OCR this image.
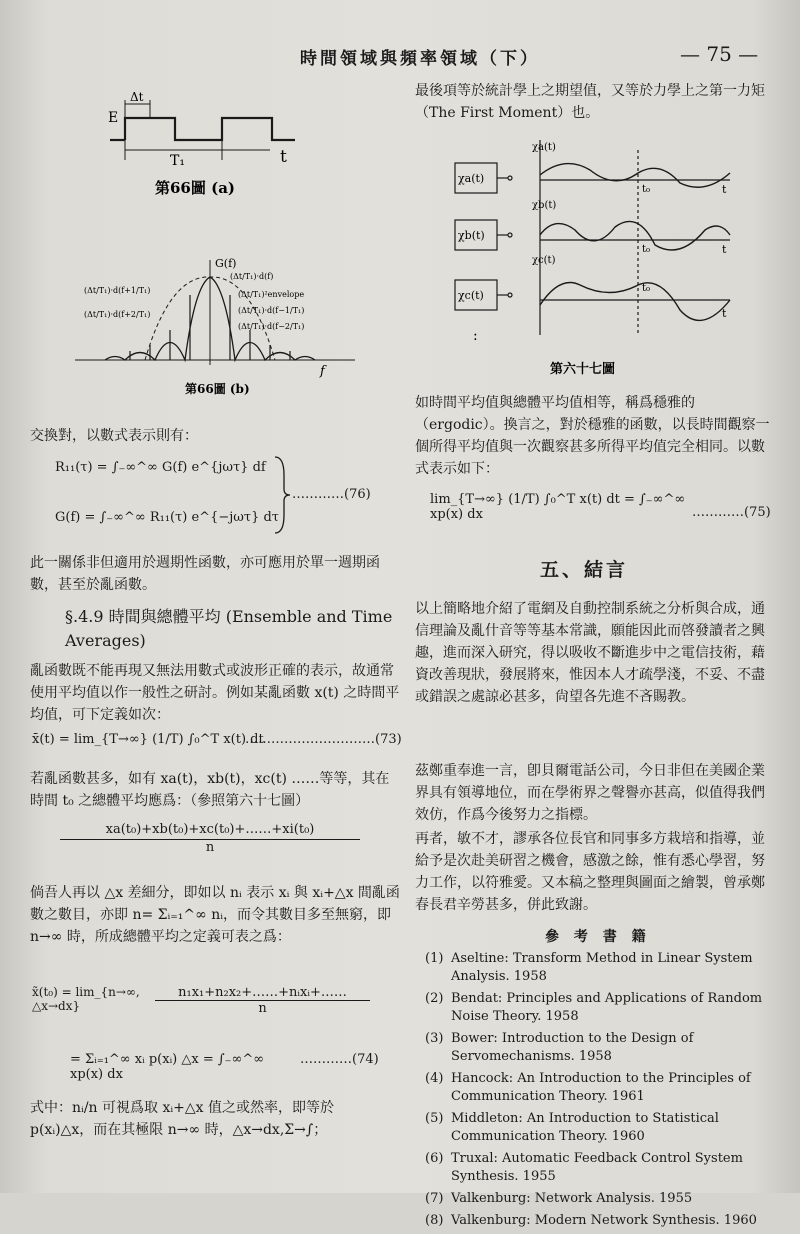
時間領域與頻率領域（下）	— 75 —
E
Δt
T₁	t
第66圖 (a)
G(f)
(Δt/T₁)·d(f+1/T₁)
(Δt/T₁)·d(f+2/T₁)
(Δt/T₁)·d(f)
(Δt/T₁)²envelope
(Δt/T₁)·d(f−1/T₁)
(Δt/T₁)·d(f−2/T₁)
f
第66圖 (b)
交換對，以數式表示則有：
R₁₁(τ) = ∫₋∞^∞ G(f) e^{jωτ} df
G(f) = ∫₋∞^∞ R₁₁(τ) e^{−jωτ} dτ
…………(76)
此一關係非但適用於週期性函數，亦可應用於單一週期函數，甚至於亂函數。
§.4.9 時間與總體平均 (Ensemble and Time Averages)
亂函數既不能再現又無法用數式或波形正確的表示，故通常使用平均值以作一般性之研討。例如某亂函數 x(t) 之時間平均值，可下定義如次：
x̄(t) = lim_{T→∞} (1/T) ∫₀^T x(t) dt
…………………………(73)
若亂函數甚多，如有 xa(t)，xb(t)，xc(t) ……等等，其在時間 t₀ 之總體平均應爲：（參照第六十七圖）
$\frac{\text{xa(t₀)+xb(t₀)+xc(t₀)+……+xi(t₀)}}{n}$
倘吾人再以 △x 差細分，即如以 nᵢ 表示 xᵢ 與 xᵢ+△x 間亂函數之數目，亦即 n= Σᵢ₌₁^∞ nᵢ，而令其數目多至無窮，即 n→∞ 時，所成總體平均之定義可表之爲：
x̃(t₀) = lim_{n→∞, △x→dx}
n₁x₁+n₂x₂+……+nᵢxᵢ+……
n
= Σᵢ₌₁^∞ xᵢ p(xᵢ) △x = ∫₋∞^∞ xp(x) dx
…………(74)
式中：nᵢ/n 可視爲取 xᵢ+△x 值之或然率，即等於 p(xᵢ)△x，而在其極限 n→∞ 時，△x→dx,Σ→∫；
最後項等於統計學上之期望值，又等於力學上之第一力矩（The First Moment）也。
χa(t)
χb(t)
χc(t)
χa(t)
χb(t)
χc(t)
t
t
t
t₀
t₀
t₀
:
第六十七圖
如時間平均值與總體平均值相等，稱爲穩雅的（ergodic）。換言之，對於穩雅的函數，以長時間觀察一個所得平均值與一次觀察甚多所得平均值完全相同。以數式表示如下：
lim_{T→∞} (1/T) ∫₀^T x(t) dt = ∫₋∞^∞ xp(x) dx	…………(75)
五、結言
以上簡略地介紹了電網及自動控制系統之分析與合成，通信理論及亂什音等等基本常識，願能因此而啓發讀者之興趣，進而深入研究，得以吸收不斷進步中之電信技術，藉資改善現狀，發展將來，惟因本人才疏學淺，不妥、不盡或錯誤之處諒必甚多，尙望各先進不吝賜教。
茲鄭重奉進一言，卽貝爾電話公司，今日非但在美國企業界具有領導地位，而在學術界之聲譽亦甚高，似值得我們效仿，作爲今後努力之指標。
再者，敏不才，謬承各位長官和同事多方栽培和指導，並給予是次赴美研習之機會，感激之餘，惟有悉心學習，努力工作，以符雅愛。又本稿之整理與圖面之繪製，曾承鄭春長君辛勞甚多，併此致謝。
參 考 書 籍
(1) Aseltine: Transform Method in Linear System Analysis. 1958
(2) Bendat: Principles and Applications of Random Noise Theory. 1958
(3) Bower: Introduction to the Design of Servomechanisms. 1958
(4) Hancock: An Introduction to the Principles of Communication Theory. 1961
(5) Middleton: An Introduction to Statistical Communication Theory. 1960
(6) Truxal: Automatic Feedback Control System Synthesis. 1955
(7) Valkenburg: Network Analysis. 1955
(8) Valkenburg: Modern Network Synthesis. 1960
